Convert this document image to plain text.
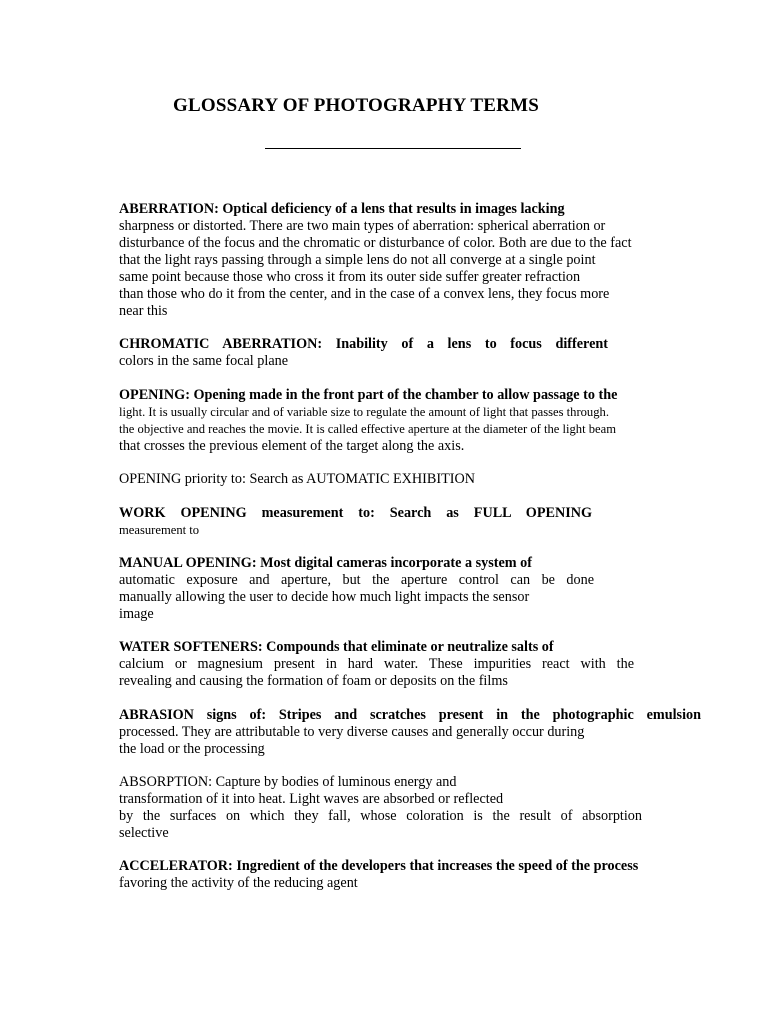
GLOSSARY OF PHOTOGRAPHY TERMS
ABERRATION: Optical deficiency of a lens that results in images lacking
sharpness or distorted. There are two main types of aberration: spherical aberration or
disturbance of the focus and the chromatic or disturbance of color. Both are due to the fact
that the light rays passing through a simple lens do not all converge at a single point
same point because those who cross it from its outer side suffer greater refraction
than those who do it from the center, and in the case of a convex lens, they focus more
near this
CHROMATIC ABERRATION: Inability of a lens to focus different
colors in the same focal plane
OPENING: Opening made in the front part of the chamber to allow passage to the
light. It is usually circular and of variable size to regulate the amount of light that passes through.
the objective and reaches the movie. It is called effective aperture at the diameter of the light beam
that crosses the previous element of the target along the axis.
OPENING priority to: Search as AUTOMATIC EXHIBITION
WORK OPENING measurement to: Search as FULL OPENING
measurement to
MANUAL OPENING: Most digital cameras incorporate a system of
automatic exposure and aperture, but the aperture control can be done
manually allowing the user to decide how much light impacts the sensor
image
WATER SOFTENERS: Compounds that eliminate or neutralize salts of
calcium or magnesium present in hard water. These impurities react with the
revealing and causing the formation of foam or deposits on the films
ABRASION signs of: Stripes and scratches present in the photographic emulsion
processed. They are attributable to very diverse causes and generally occur during
the load or the processing
ABSORPTION: Capture by bodies of luminous energy and
transformation of it into heat. Light waves are absorbed or reflected
by the surfaces on which they fall, whose coloration is the result of absorption
selective
ACCELERATOR: Ingredient of the developers that increases the speed of the process
favoring the activity of the reducing agent
